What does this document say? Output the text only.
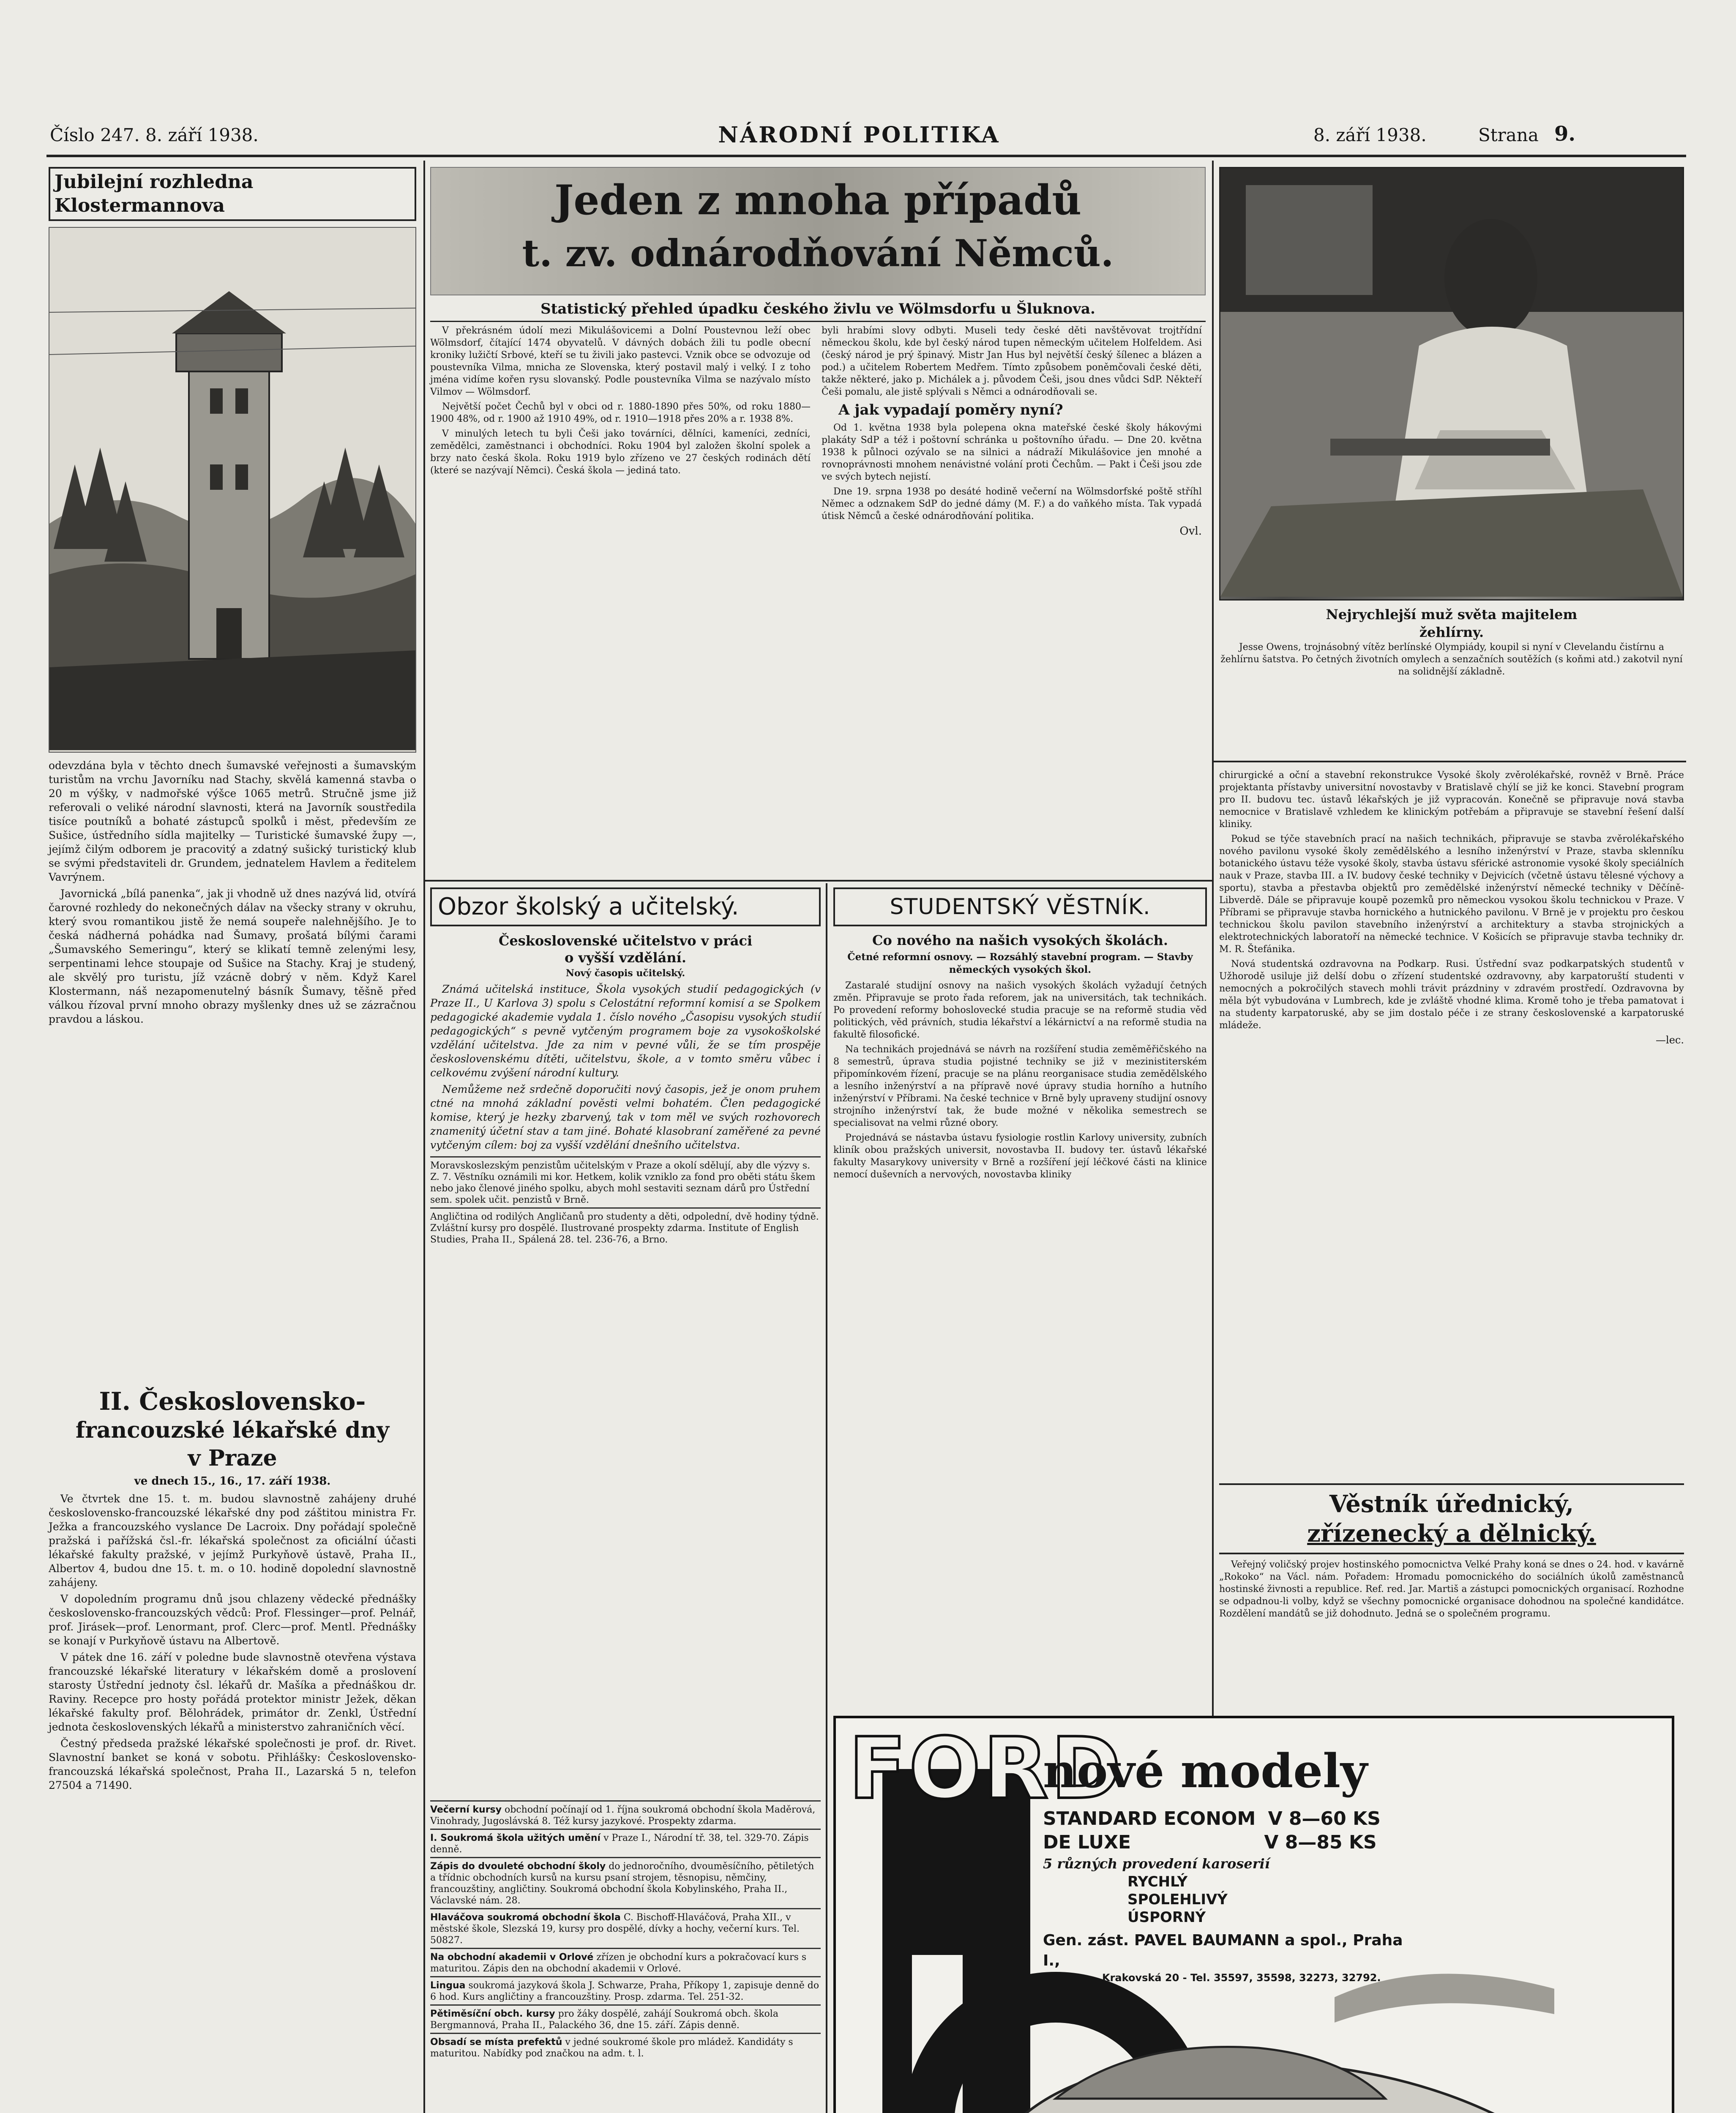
Číslo 247. 8. září 1938.	NÁRODNÍ POLITIKA	8. září 1938.	Strana 9.
Jubilejní rozhledna Klostermannova

odevzdána byla v těchto dnech šumavské veřejnosti a šumavským turistům na vrchu Javorníku nad Stachy, skvělá kamenná stavba o 20 m výšky, v nadmořské výšce 1065 metrů. Stručně jsme již referovali o veliké národní slavnosti, která na Javorník soustředila tisíce poutníků a bohaté zástupců spolků i měst, především ze Sušice, ústředního sídla majitelky — Turistické šumavské župy —, jejímž čilým odborem je pracovitý a zdatný sušický turistický klub se svými představiteli dr. Grundem, jednatelem Havlem a ředitelem Vavrýnem.

Javornická „bílá panenka“, jak ji vhodně už dnes nazývá lid, otvírá čarovné rozhledy do nekonečných dálav na všecky strany v okruhu, který svou romantikou jistě že nemá soupeře nalehnějšího. Je to česká nádherná pohádka nad Šumavy, prošatá bílými čarami „Šumavského Semeringu“, který se klikatí temně zelenými lesy, serpentinami lehce stoupaje od Sušice na Stachy. Kraj je studený, ale skvělý pro turistu, jíž vzácně dobrý v něm. Když Karel Klostermann, náš nezapomenutelný básník Šumavy, těšně před válkou řízoval první mnoho obrazy myšlenky dnes už se zázračnou pravdou a láskou.

II. Československo-
francouzské lékařské dny
v Praze
ve dnech 15., 16., 17. září 1938.

Ve čtvrtek dne 15. t. m. budou slavnostně zahájeny druhé československo-francouzské lékařské dny pod záštitou ministra Fr. Ježka a francouzského vyslance De Lacroix. Dny pořádají společně pražská i pařížská čsl.-fr. lékařská společnost za oficiální účasti lékařské fakulty pražské, v jejímž Purkyňově ústavě, Praha II., Albertov 4, budou dne 15. t. m. o 10. hodině dopolední slavnostně zahájeny.

V dopoledním programu dnů jsou chlazeny vědecké přednášky československo-francouzských vědců: Prof. Flessinger—prof. Pelnář, prof. Jirásek—prof. Lenormant, prof. Clerc—prof. Mentl. Přednášky se konají v Purkyňově ústavu na Albertově.

V pátek dne 16. září v poledne bude slavnostně otevřena výstava francouzské lékařské literatury v lékařském domě a proslovení starosty Ústřední jednoty čsl. lékařů dr. Mašíka a přednáškou dr. Raviny. Recepce pro hosty pořádá protektor ministr Ježek, děkan lékařské fakulty prof. Bělohrádek, primátor dr. Zenkl, Ústřední jednota československých lékařů a ministerstvo zahraničních věcí.

Čestný předseda pražské lékařské společnosti je prof. dr. Rivet. Slavnostní banket se koná v sobotu. Přihlášky: Československo-francouzská lékařská společnost, Praha II., Lazarská 5 n, telefon 27504 a 71490.

Jeden z mnoha případů
t. zv. odnárodňování Němců.
Statistický přehled úpadku českého živlu ve Wölmsdorfu u Šluknova.

V překrásném údolí mezi Mikulášovicemi a Dolní Poustevnou leží obec Wölmsdorf, čítající 1474 obyvatelů. V dávných dobách žili tu podle obecní kroniky lužičtí Srbové, kteří se tu živili jako pastevci. Vznik obce se odvozuje od poustevníka Vilma, mnicha ze Slovenska, který postavil malý i velký. I z toho jména vidíme kořen rysu slovanský. Podle poustevníka Vilma se nazývalo místo Vilmov — Wölmsdorf.

Největší počet Čechů byl v obci od r. 1880-1890 přes 50%, od roku 1880—1900 48%, od r. 1900 až 1910 49%, od r. 1910—1918 přes 20% a r. 1938 8%.

V minulých letech tu byli Češi jako továrníci, dělníci, kameníci, zedníci, zemědělci, zaměstnanci i obchodníci. Roku 1904 byl založen školní spolek a brzy nato česká škola. Roku 1919 bylo zřízeno ve 27 českých rodinách dětí (které se nazývají Němci). Česká škola — jediná tato.

byli hrabími slovy odbyti. Museli tedy české děti navštěvovat trojtřídní německou školu, kde byl český národ tupen německým učitelem Holfeldem. Asi (český národ je prý špinavý. Mistr Jan Hus byl největší český šílenec a blázen a pod.) a učitelem Robertem Medřem. Tímto způsobem poněmčovali české děti, takže některé, jako p. Michálek a j. původem Češi, jsou dnes vůdci SdP. Někteří Češi pomalu, ale jistě splývali s Němci a odnárodňovali se.

A jak vypadají poměry nyní?

Od 1. května 1938 byla polepena okna mateřské české školy hákovými plakáty SdP a též i poštovní schránka u poštovního úřadu. — Dne 20. května 1938 k půlnoci ozývalo se na silnici a nádraží Mikulášovice jen mnohé a rovnoprávnosti mnohem nenávistné volání proti Čechům. — Pakt i Češi jsou zde ve svých bytech nejistí.

Dne 19. srpna 1938 po desáté hodině večerní na Wölmsdorfské poště stříhl Němec a odznakem SdP do jedné dámy (M. F.) a do vaňkého místa. Tak vypadá útisk Němců a české odnárodňování politika.

Ovl.
Nejrychlejší muž světa majitelem
žehlírny.

Jesse Owens, trojnásobný vítěz berlínské Olympiády, koupil si nyní v Clevelandu čistírnu a žehlírnu šatstva. Po četných životních omylech a senzačních soutěžích (s koňmi atd.) zakotvil nyní na solidnější základně.

chirurgické a oční a stavební rekonstrukce Vysoké školy zvěrolékařské, rovněž v Brně. Práce projektanta přístavby universitní novostavby v Bratislavě chýlí se již ke konci. Stavební program pro II. budovu tec. ústavů lékařských je již vypracován. Konečně se připravuje nová stavba nemocnice v Bratislavě vzhledem ke klinickým potřebám a připravuje se stavební řešení další kliniky.

Pokud se týče stavebních prací na našich technikách, připravuje se stavba zvěrolékařského nového pavilonu vysoké školy zemědělského a lesního inženýrství v Praze, stavba sklenníku botanického ústavu téže vysoké školy, stavba ústavu sférické astronomie vysoké školy speciálních nauk v Praze, stavba III. a IV. budovy české techniky v Dejvicích (včetně ústavu tělesné výchovy a sportu), stavba a přestavba objektů pro zemědělské inženýrství německé techniky v Děčíně-Libverdě. Dále se připravuje koupě pozemků pro německou vysokou školu technickou v Praze. V Příbrami se připravuje stavba hornického a hutnického pavilonu. V Brně je v projektu pro českou technickou školu pavilon stavebního inženýrství a architektury a stavba strojnických a elektrotechnických laboratoří na německé technice. V Košicích se připravuje stavba techniky dr. M. R. Štefánika.

Nová studentská ozdravovna na Podkarp. Rusi. Ústřední svaz podkarpatských studentů v Užhorodě usiluje již delší dobu o zřízení studentské ozdravovny, aby karpatoruští studenti v nemocných a pokročilých stavech mohli trávit prázdniny v zdravém prostředí. Ozdravovna by měla být vybudována v Lumbrech, kde je zvláště vhodné klima. Kromě toho je třeba pamatovat i na studenty karpatoruské, aby se jim dostalo péče i ze strany československé a karpatoruské mládeže.

—lec.
Věstník úřednický,
zřízenecký a dělnický.

Veřejný voličský projev hostinského pomocnictva Velké Prahy koná se dnes o 24. hod. v kavárně „Rokoko“ na Václ. nám. Pořadem: Hromadu pomocnického do sociálních úkolů zaměstnanců hostinské živnosti a republice. Ref. red. Jar. Martiš a zástupci pomocnických organisací. Rozhodne se odpadnou-li volby, když se všechny pomocnické organisace dohodnou na společné kandidátce. Rozdělení mandátů se již dohodnuto. Jedná se o společném programu.

Obzor školský a učitelský.
Československé učitelstvo v práci
o vyšší vzdělání.
Nový časopis učitelský.

Známá učitelská instituce, Škola vysokých studií pedagogických (v Praze II., U Karlova 3) spolu s Celostátní reformní komisí a se Spolkem pedagogické akademie vydala 1. číslo nového „Časopisu vysokých studií pedagogických“ s pevně vytčeným programem boje za vysokoškolské vzdělání učitelstva. Jde za nim v pevné vůli, že se tím prospěje československému dítěti, učitelstvu, škole, a v tomto směru vůbec i celkovému zvýšení národní kultury.

Nemůžeme než srdečně doporučiti nový časopis, jež je onom pruhem ctné na mnohá základní pověsti velmi bohatém. Člen pedagogické komise, který je hezky zbarvený, tak v tom měl ve svých rozhovorech znamenitý účetní stav a tam jiné. Bohaté klasobraní zaměřené za pevné vytčeným cílem: boj za vyšší vzdělání dnešního učitelstva.

Moravskoslezským penzistům učitelským v Praze a okolí sdělují, aby dle výzvy s. Z. 7. Věstníku oznámili mi kor. Hetkem, kolik vzniklo za fond pro oběti státu škem nebo jako členové jiného spolku, abych mohl sestaviti seznam dárů pro Ústřední sem. spolek učit. penzistů v Brně.
Angličtina od rodilých Angličanů pro studenty a děti, odpolední, dvě hodiny týdně. Zvláštní kursy pro dospělé. Ilustrované prospekty zdarma. Institute of English Studies, Praha II., Spálená 28. tel. 236-76, a Brno.
Večerní kursy obchodní počínají od 1. října soukromá obchodní škola Maděrová, Vinohrady, Jugoslávská 8. Též kursy jazykové. Prospekty zdarma.
I. Soukromá škola užitých umění v Praze I., Národní tř. 38, tel. 329-70. Zápis denně.
Zápis do dvouleté obchodní školy do jednoročního, dvouměsíčního, pětiletých a třídnic obchodních kursů na kursu psaní strojem, těsnopisu, němčiny, francouzštiny, angličtiny. Soukromá obchodní škola Kobylinského, Praha II., Václavské nám. 28.
Hlaváčova soukromá obchodní škola C. Bischoff-Hlaváčová, Praha XII., v městské škole, Slezská 19, kursy pro dospělé, dívky a hochy, večerní kurs. Tel. 50827.
Na obchodní akademii v Orlové zřízen je obchodní kurs a pokračovací kurs s maturitou. Zápis den na obchodní akademii v Orlové.
Lingua soukromá jazyková škola J. Schwarze, Praha, Příkopy 1, zapisuje denně do 6 hod. Kurs angličtiny a francouzštiny. Prosp. zdarma. Tel. 251-32.
Pětiměsíční obch. kursy pro žáky dospělé, zahájí Soukromá obch. škola Bergmannová, Praha II., Palackého 36, dne 15. září. Zápis denně.
Obsadí se místa prefektů v jedné soukromé škole pro mládež. Kandidáty s maturitou. Nabídky pod značkou na adm. t. l.
STUDENTSKÝ VĚSTNÍK.
Co nového na našich vysokých školách.
Četné reformní osnovy. — Rozsáhlý stavební program. — Stavby německých vysokých škol.

Zastaralé studijní osnovy na našich vysokých školách vyžadují četných změn. Připravuje se proto řada reforem, jak na universitách, tak technikách. Po provedení reformy bohoslovecké studia pracuje se na reformě studia věd politických, věd právních, studia lékařství a lékárnictví a na reformě studia na fakultě filosofické.

Na technikách projednává se návrh na rozšíření studia zeměměřičského na 8 semestrů, úprava studia pojistné techniky se již v mezinistiterském připomínkovém řízení, pracuje se na plánu reorganisace studia zemědělského a lesního inženýrství a na přípravě nové úpravy studia horního a hutního inženýrství v Příbrami. Na české technice v Brně byly upraveny studijní osnovy strojního inženýrství tak, že bude možné v několika semestrech se specialisovat na velmi různé obory.

Projednává se nástavba ústavu fysiologie rostlin Karlovy university, zubních kliník obou pražských universit, novostavba II. budovy ter. ústavů lékařské fakulty Masarykovy university v Brně a rozšíření její léčkové části na klinice nemocí duševních a nervových, novostavba kliniky

FORD
nové modely
STANDARD ECONOM V 8—60 KS
DE LUXE	V 8—85 KS
5 různých provedení karoserií
RYCHLÝ
SPOLEHLIVÝ
ÚSPORNÝ
Gen. zást. PAVEL BAUMANN a spol., Praha I.,
Krakovská 20 - Tel. 35597, 35598, 32273, 32792.
